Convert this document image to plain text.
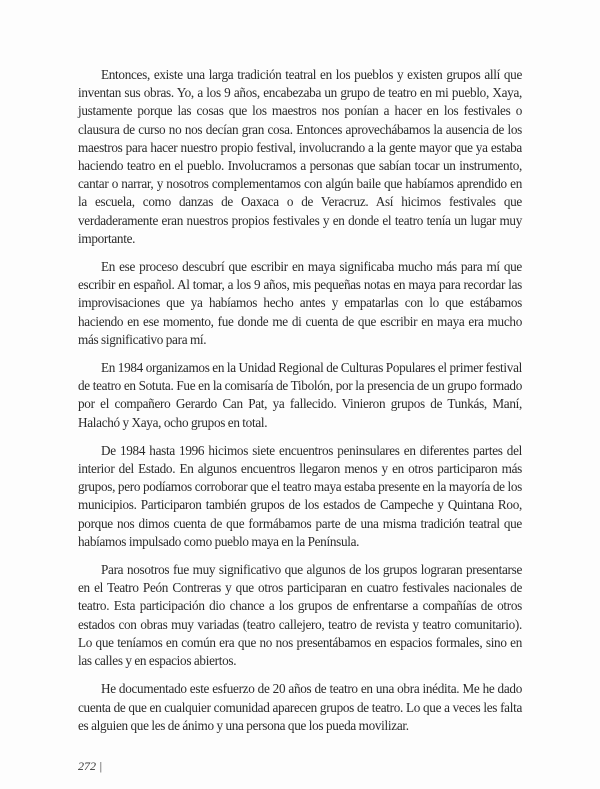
Entonces, existe una larga tradición teatral en los pueblos y existen grupos allí que inventan sus obras. Yo, a los 9 años, encabezaba un grupo de teatro en mi pueblo, Xaya, justamente porque las cosas que los maestros nos ponían a hacer en los festivales o clausura de curso no nos decían gran cosa. Entonces aprovechábamos la ausencia de los maestros para hacer nuestro propio festival, involucrando a la gente mayor que ya estaba haciendo teatro en el pueblo. Involucramos a personas que sabían tocar un instrumento, cantar o narrar, y nosotros complementamos con algún baile que habíamos aprendido en la escuela, como danzas de Oaxaca o de Veracruz. Así hicimos festivales que verdaderamente eran nuestros propios festivales y en donde el teatro tenía un lugar muy importante.

En ese proceso descubrí que escribir en maya significaba mucho más para mí que escribir en español. Al tomar, a los 9 años, mis pequeñas notas en maya para recordar las improvisaciones que ya habíamos hecho antes y empatarlas con lo que estábamos haciendo en ese momento, fue donde me di cuenta de que escribir en maya era mucho más significativo para mí.

En 1984 organizamos en la Unidad Regional de Culturas Populares el primer festival de teatro en Sotuta. Fue en la comisaría de Tibolón, por la presencia de un grupo formado por el compañero Gerardo Can Pat, ya fallecido. Vinieron grupos de Tunkás, Maní, Halachó y Xaya, ocho grupos en total.

De 1984 hasta 1996 hicimos siete encuentros peninsulares en diferentes partes del interior del Estado. En algunos encuentros llegaron menos y en otros participaron más grupos, pero podíamos corroborar que el teatro maya estaba presente en la mayoría de los municipios. Participaron también grupos de los estados de Campeche y Quintana Roo, porque nos dimos cuenta de que formábamos parte de una misma tradición teatral que habíamos impulsado como pueblo maya en la Península.

Para nosotros fue muy significativo que algunos de los grupos lograran presentarse en el Teatro Peón Contreras y que otros participaran en cuatro festivales nacionales de teatro. Esta participación dio chance a los grupos de enfrentarse a compañías de otros estados con obras muy variadas (teatro callejero, teatro de revista y teatro comunitario). Lo que teníamos en común era que no nos presentábamos en espacios formales, sino en las calles y en espacios abiertos.

He documentado este esfuerzo de 20 años de teatro en una obra inédita. Me he dado cuenta de que en cualquier comunidad aparecen grupos de teatro. Lo que a veces les falta es alguien que les de ánimo y una persona que los pueda movilizar.

272 |
